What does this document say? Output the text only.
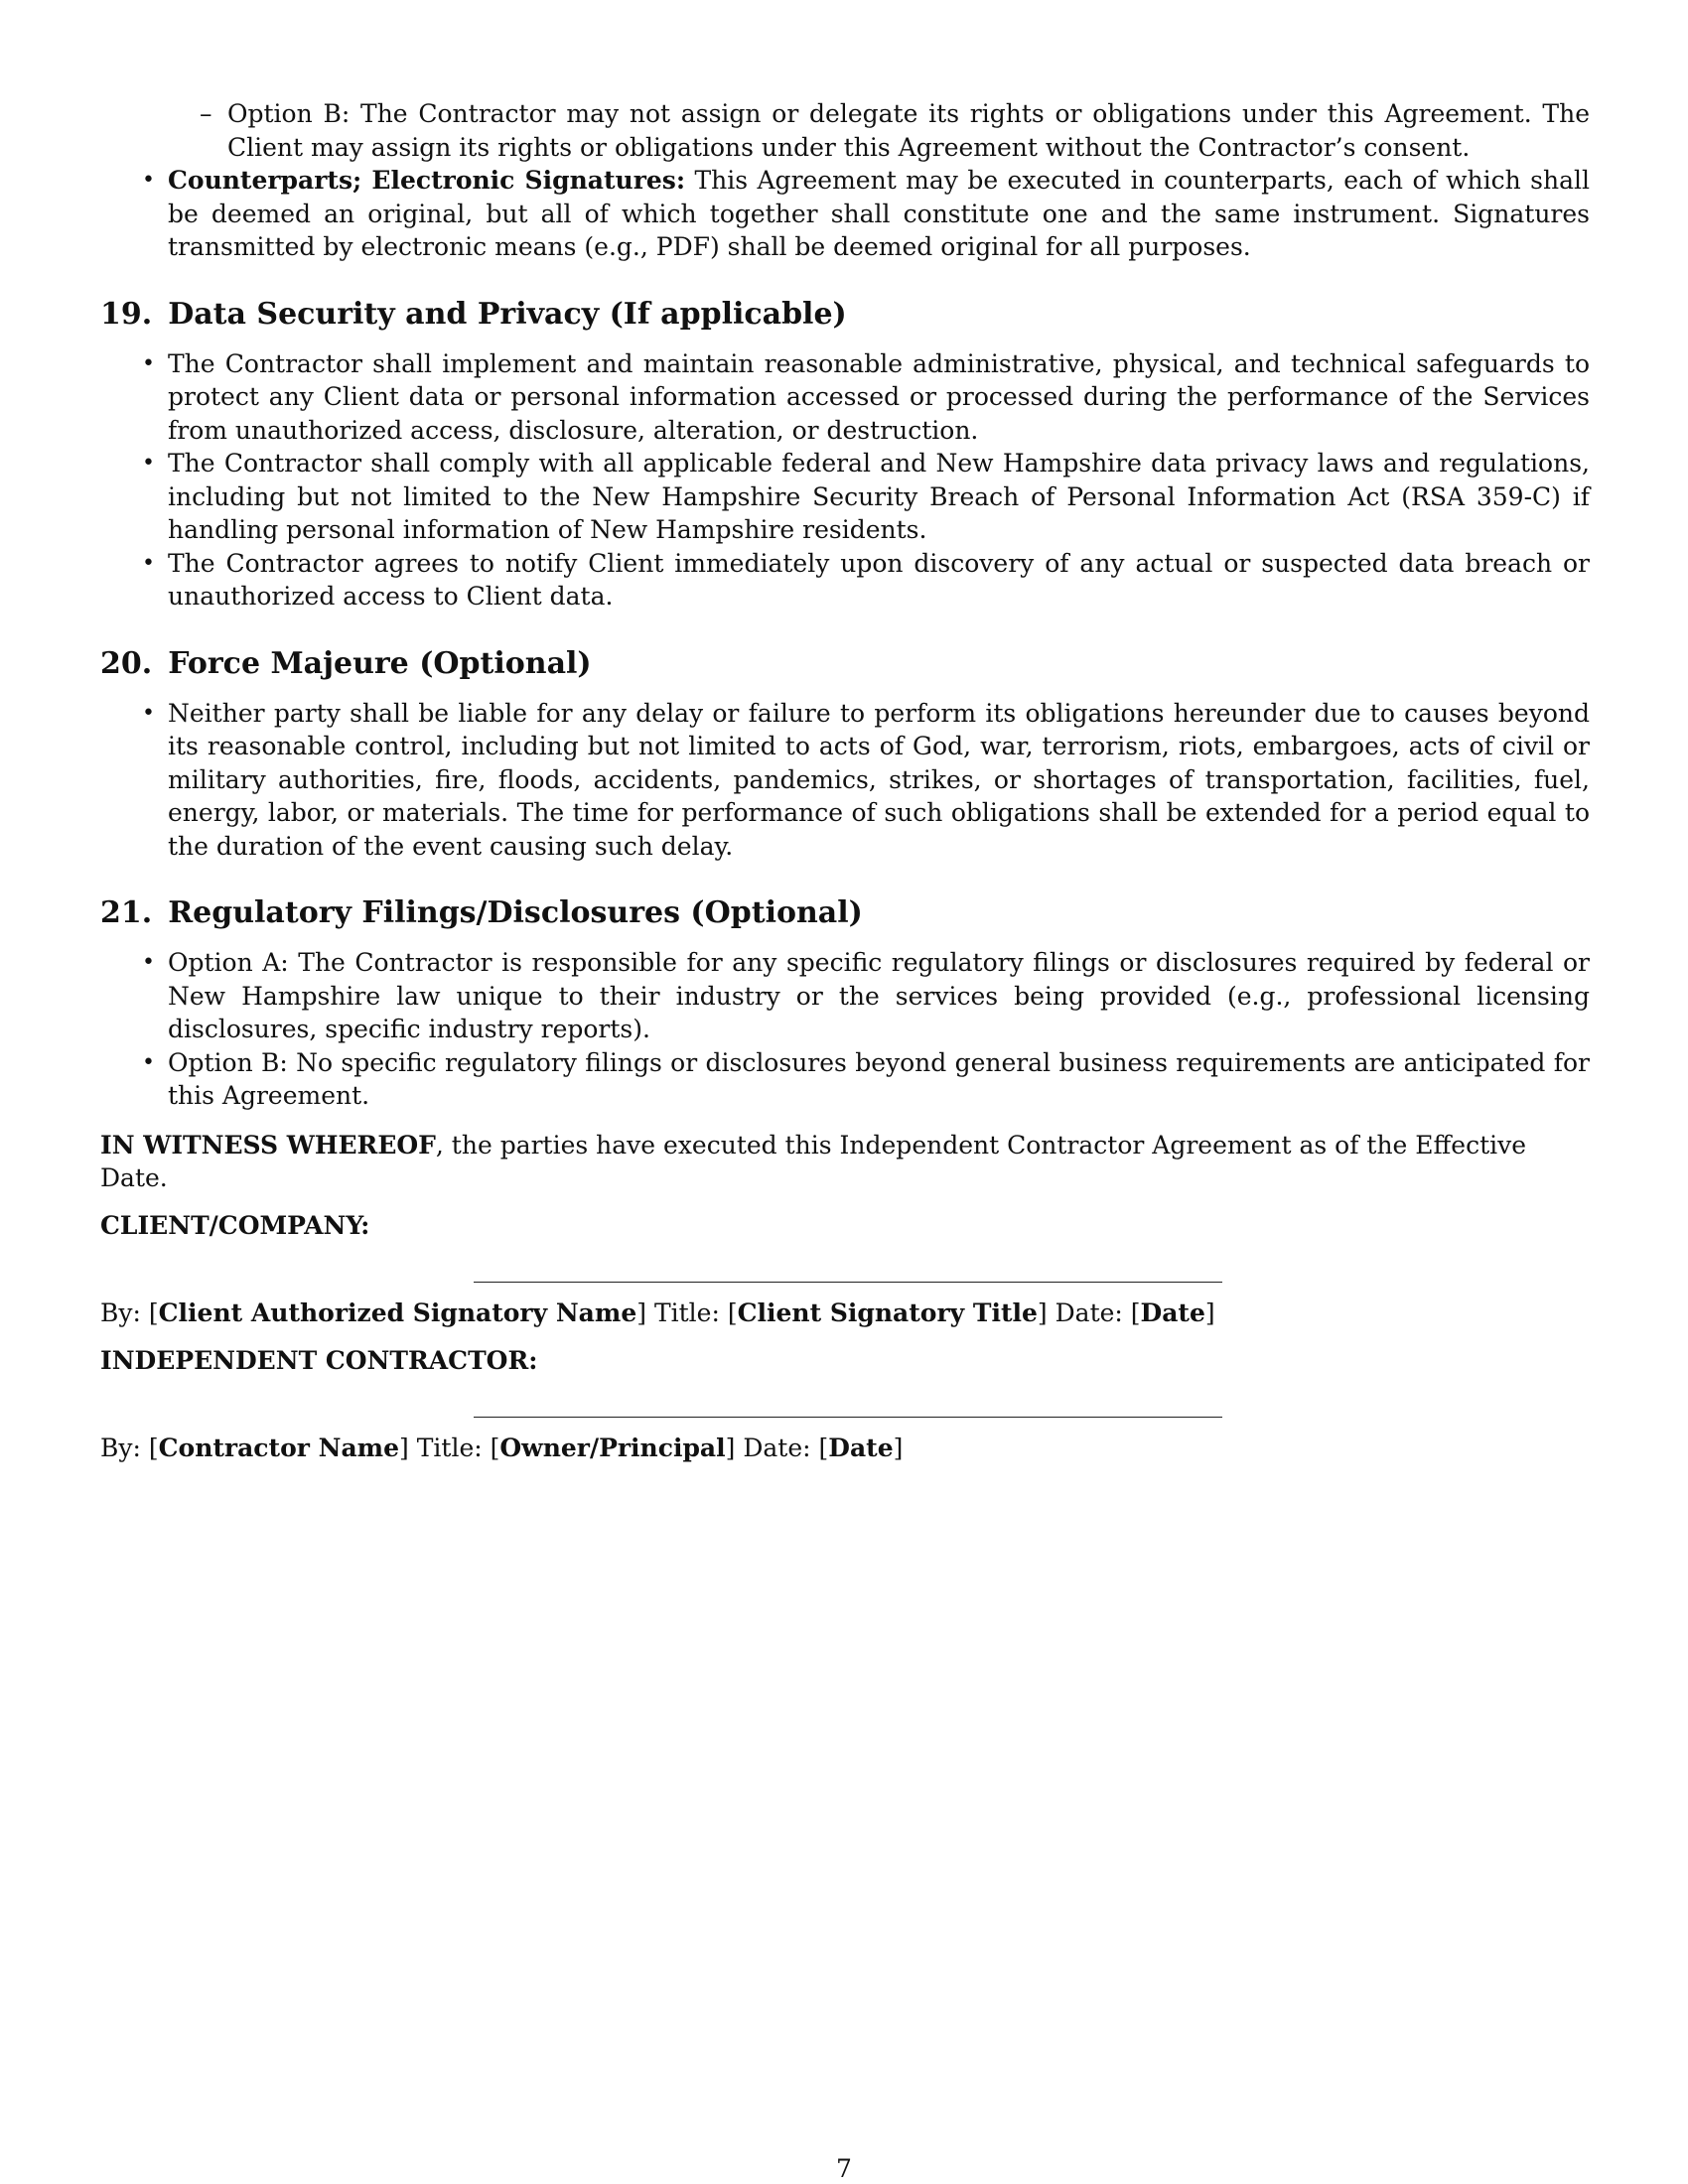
– Option B: The Contractor may not assign or delegate its rights or obligations under this Agreement. The Client may assign its rights or obligations under this Agreement without the Contractor’s consent.
• Counterparts; Electronic Signatures: This Agreement may be executed in counterparts, each of which shall be deemed an original, but all of which together shall constitute one and the same instrument. Signatures transmitted by electronic means (e.g., PDF) shall be deemed original for all purposes.
19. Data Security and Privacy (If applicable)
• The Contractor shall implement and maintain reasonable administrative, physical, and technical safeguards to protect any Client data or personal information accessed or processed during the performance of the Services from unauthorized access, disclosure, alteration, or destruction.
• The Contractor shall comply with all applicable federal and New Hampshire data privacy laws and regulations, including but not limited to the New Hampshire Security Breach of Personal Information Act (RSA 359-C) if handling personal information of New Hampshire residents.
• The Contractor agrees to notify Client immediately upon discovery of any actual or suspected data breach or unauthorized access to Client data.
20. Force Majeure (Optional)
• Neither party shall be liable for any delay or failure to perform its obligations hereunder due to causes beyond its reasonable control, including but not limited to acts of God, war, terrorism, riots, embargoes, acts of civil or military authorities, fire, floods, accidents, pandemics, strikes, or shortages of transportation, facilities, fuel, energy, labor, or materials. The time for performance of such obligations shall be extended for a period equal to the duration of the event causing such delay.
21. Regulatory Filings/Disclosures (Optional)
• Option A: The Contractor is responsible for any specific regulatory filings or disclosures required by federal or New Hampshire law unique to their industry or the services being provided (e.g., professional licensing disclosures, specific industry reports).
• Option B: No specific regulatory filings or disclosures beyond general business requirements are anticipated for this Agreement.
IN WITNESS WHEREOF, the parties have executed this Independent Contractor Agreement as of the Effective Date.
CLIENT/COMPANY:
By: [Client Authorized Signatory Name] Title: [Client Signatory Title] Date: [Date]
INDEPENDENT CONTRACTOR:
By: [Contractor Name] Title: [Owner/Principal] Date: [Date]
7
